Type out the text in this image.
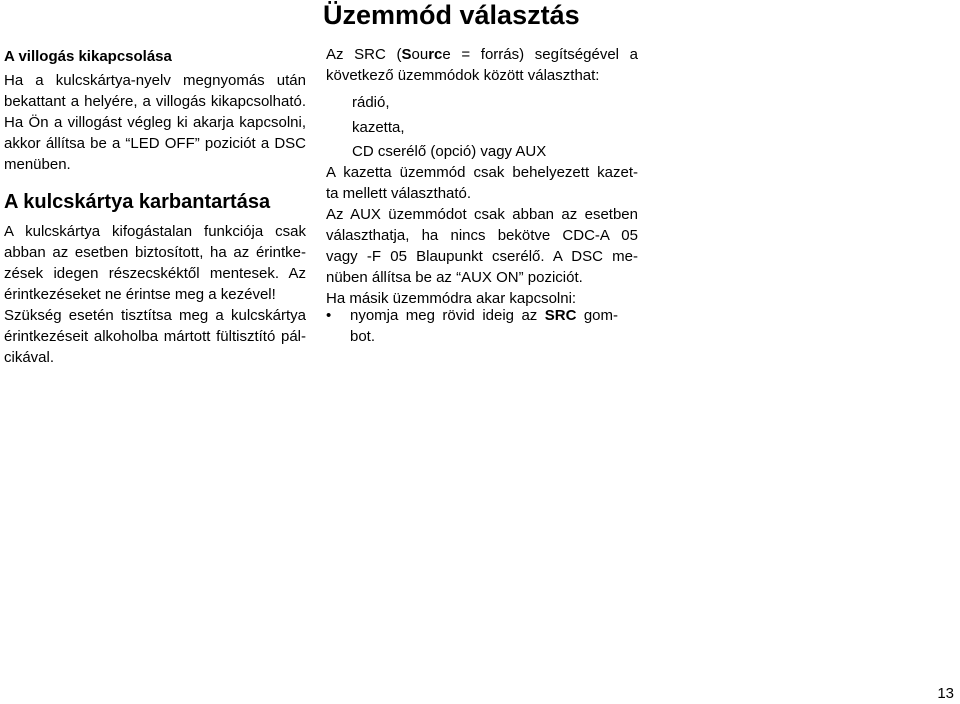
Üzemmód választás
A villogás kikapcsolása
Ha a kulcskártya-nyelv megnyomás után
bekattant a helyére, a villogás kikapcsolható.
Ha Ön a villogást végleg ki akarja kapcsolni,
akkor állítsa be a “LED OFF” poziciót a DSC
menüben.
A kulcskártya karbantartása
A kulcskártya kifogástalan funkciója csak
abban az esetben biztosított, ha az érintke-
zések idegen részecskéktől mentesek. Az
érintkezéseket ne érintse meg a kezével!
Szükség esetén tisztítsa meg a kulcskártya
érintkezéseit alkoholba mártott fültisztító pál-
cikával.
Az SRC (Source = forrás) segítségével a
következő üzemmódok között választhat:
rádió,
kazetta,
CD cserélő (opció) vagy AUX
A kazetta üzemmód csak behelyezett kazet-
ta mellett választható.
Az AUX üzemmódot csak abban az esetben
választhatja, ha nincs bekötve CDC-A 05
vagy -F 05 Blaupunkt cserélő. A DSC me-
nüben állítsa be az “AUX ON” poziciót.
Ha másik üzemmódra akar kapcsolni:
• nyomja meg rövid ideig az SRC gom-
bot.
13
